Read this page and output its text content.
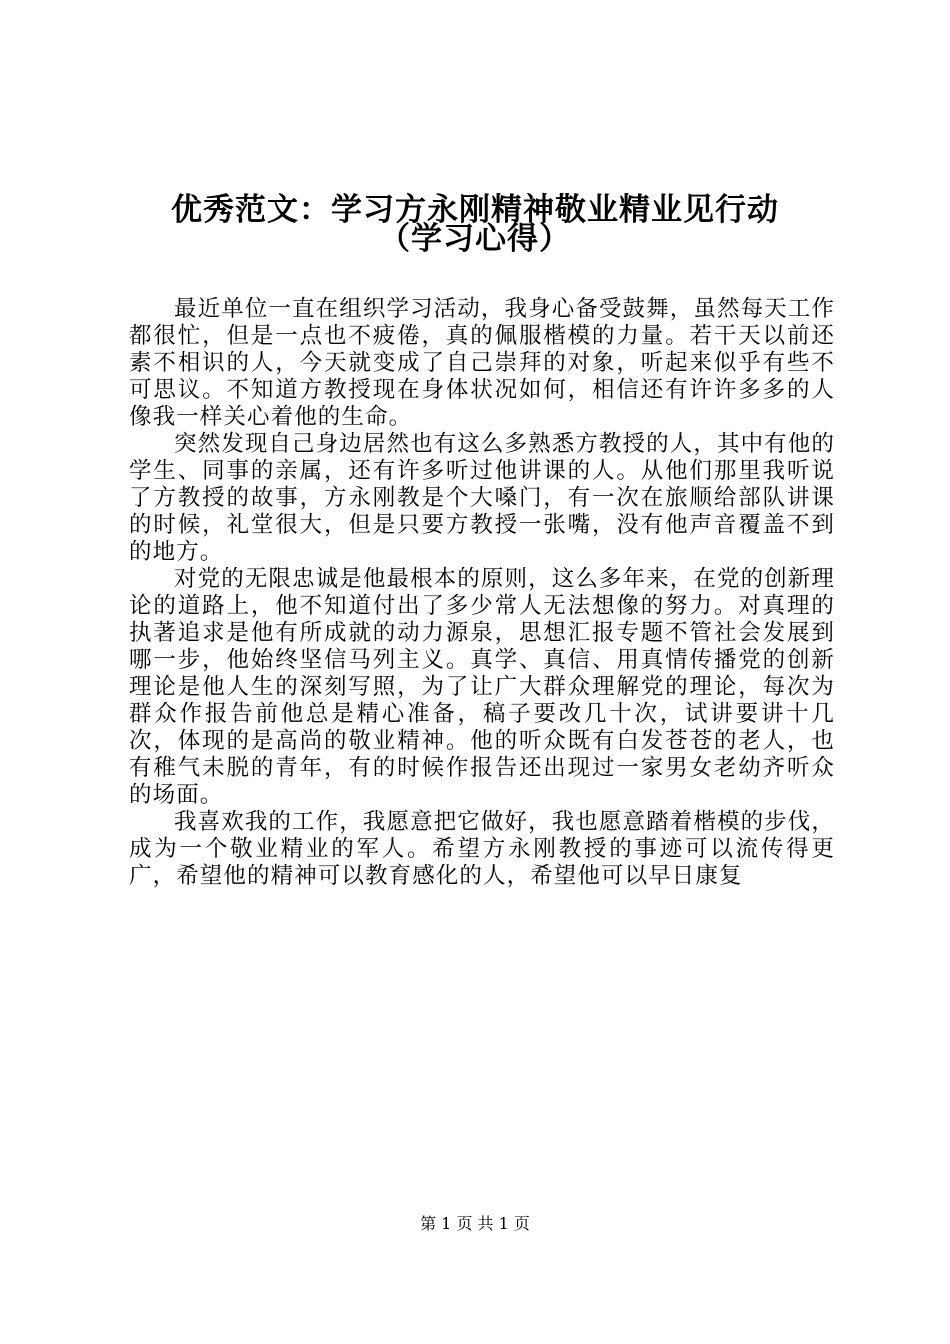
优秀范文：学习方永刚精神敬业精业见行动
（学习心得）

最近单位一直在组织学习活动，我身心备受鼓舞，虽然每天工作都很忙，但是一点也不疲倦，真的佩服楷模的力量。若干天以前还素不相识的人，今天就变成了自己崇拜的对象，听起来似乎有些不可思议。不知道方教授现在身体状况如何，相信还有许许多多的人像我一样关心着他的生命。

突然发现自己身边居然也有这么多熟悉方教授的人，其中有他的学生、同事的亲属，还有许多听过他讲课的人。从他们那里我听说了方教授的故事，方永刚教是个大嗓门，有一次在旅顺给部队讲课的时候，礼堂很大，但是只要方教授一张嘴，没有他声音覆盖不到的地方。

对党的无限忠诚是他最根本的原则，这么多年来，在党的创新理论的道路上，他不知道付出了多少常人无法想像的努力。对真理的执著追求是他有所成就的动力源泉，思想汇报专题不管社会发展到哪一步，他始终坚信马列主义。真学、真信、用真情传播党的创新理论是他人生的深刻写照，为了让广大群众理解党的理论，每次为群众作报告前他总是精心准备，稿子要改几十次，试讲要讲十几次，体现的是高尚的敬业精神。他的听众既有白发苍苍的老人，也有稚气未脱的青年，有的时候作报告还出现过一家男女老幼齐听众的场面。

我喜欢我的工作，我愿意把它做好，我也愿意踏着楷模的步伐，成为一个敬业精业的军人。希望方永刚教授的事迹可以流传得更广，希望他的精神可以教育感化的人，希望他可以早日康复

第 1 页 共 1 页
